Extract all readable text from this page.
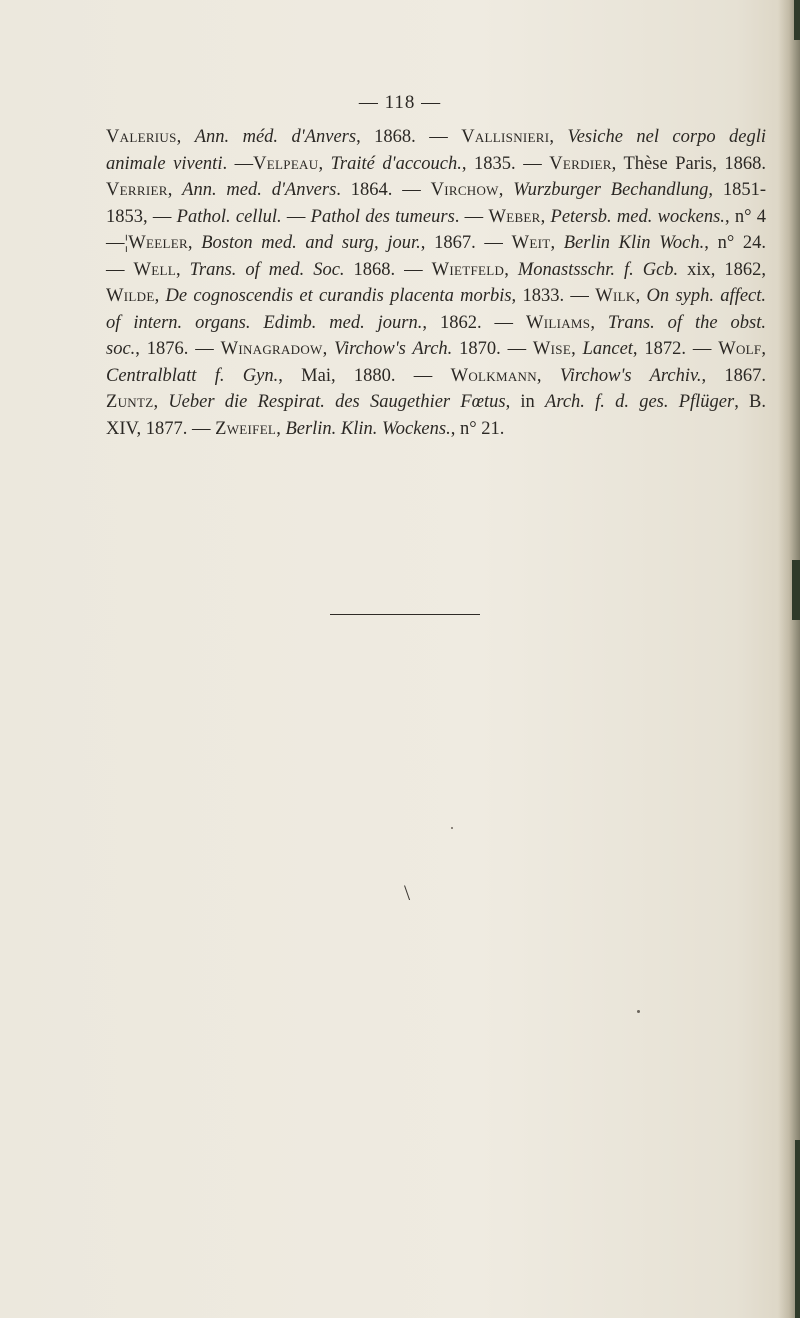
— 118 —
Valerius, Ann. méd. d'Anvers, 1868. — Vallisnieri, Vesiche nel corpo degli
animale viventi. —Velpeau, Traité d'accouch., 1835. — Verdier, Thèse Paris, 1868.
Verrier, Ann. med. d'Anvers. 1864. — Virchow, Wurzburger Bechandlung, 1851-
1853, — Pathol. cellul. — Pathol des tumeurs. — Weber, Petersb. med. wockens., n° 4
—¦Weeler, Boston med. and surg, jour., 1867. — Weit, Berlin Klin Woch., n° 24.
— Well, Trans. of med. Soc. 1868. — Wietfeld, Monastsschr. f. Gcb. xix, 1862,
Wilde, De cognoscendis et curandis placenta morbis, 1833. — Wilk, On syph. affect.
of intern. organs. Edimb. med. journ., 1862. — Wiliams, Trans. of the obst.
soc., 1876. — Winagradow, Virchow's Arch. 1870. — Wise, Lancet, 1872. — Wolf,
Centralblatt f. Gyn., Mai, 1880. — Wolkmann, Virchow's Archiv., 1867.
Zuntz, Ueber die Respirat. des Saugethier Fœtus, in Arch. f. d. ges. Pflüger, B.
XIV, 1877. — Zweifel, Berlin. Klin. Wockens., n° 21.
\
